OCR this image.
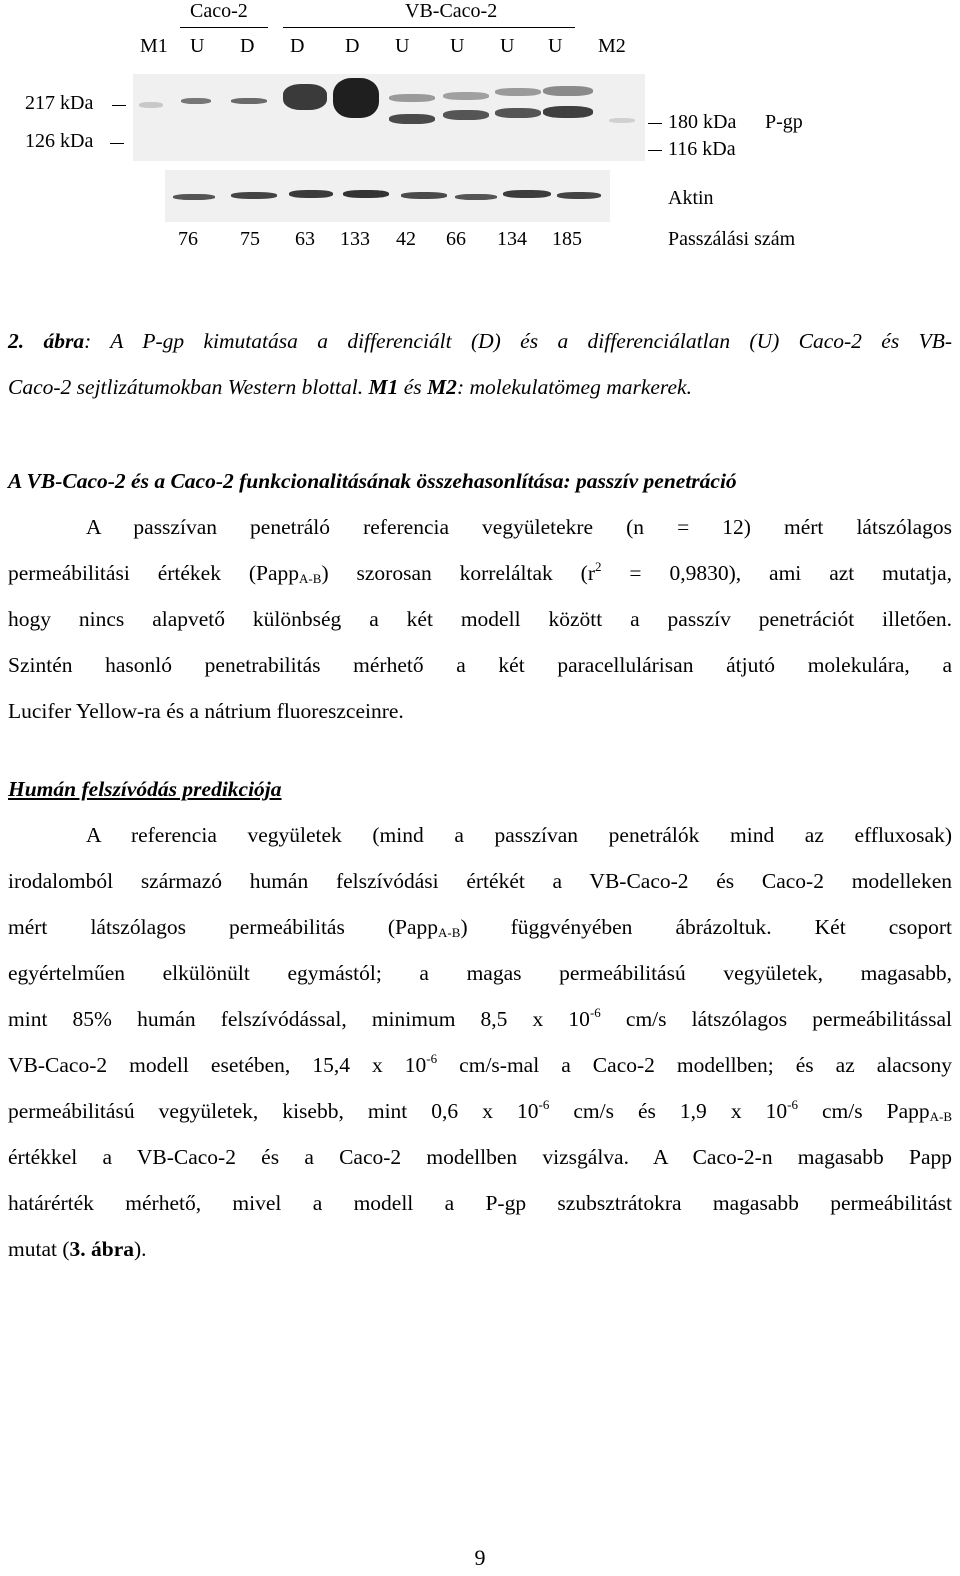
Caco-2	VB-Caco-2
M1 U D D D U U U U M2
217 kDa
126 kDa
180 kDa P-gp
116 kDa
Aktin
76 75 63 133 42 66 134 185	Passzálási szám
2. ábra: A P-gp kimutatása a differenciált (D) és a differenciálatlan (U) Caco-2 és VB-
Caco-2 sejtlizátumokban Western blottal. M1 és M2: molekulatömeg markerek.
A VB-Caco-2 és a Caco-2 funkcionalitásának összehasonlítása: passzív penetráció
A passzívan penetráló referencia vegyületekre (n = 12) mért látszólagos
permeábilitási értékek (Papp$_{A-B}$) szorosan korreláltak $(r^2 = 0,9830)$, ami azt mutatja,
hogy nincs alapvető különbség a két modell között a passzív penetrációt illetően.
Szintén hasonló penetrabilitás mérhető a két paracellulárisan átjutó molekulára, a
Lucifer Yellow-ra és a nátrium fluoreszceinre.
Humán felszívódás predikciója
A referencia vegyületek (mind a passzívan penetrálók mind az effluxosak)
irodalomból származó humán felszívódási értékét a VB-Caco-2 és Caco-2 modelleken
mért látszólagos permeábilitás (Papp$_{A-B}$) függvényében ábrázoltuk. Két csoport
egyértelműen elkülönült egymástól; a magas permeábilitású vegyületek, magasabb,
mint 85% humán felszívódással, minimum 8,5 x $10^{-6}$ cm/s látszólagos permeábilitással
VB-Caco-2 modell esetében, 15,4 x $10^{-6}$ cm/s-mal a Caco-2 modellben; és az alacsony
permeábilitású vegyületek, kisebb, mint 0,6 x $10^{-6}$ cm/s és 1,9 x $10^{-6}$ cm/s Papp$_{A-B}$
értékkel a VB-Caco-2 és a Caco-2 modellben vizsgálva. A Caco-2-n magasabb Papp
határérték mérhető, mivel a modell a P-gp szubsztrátokra magasabb permeábilitást
mutat (3. ábra).
9
